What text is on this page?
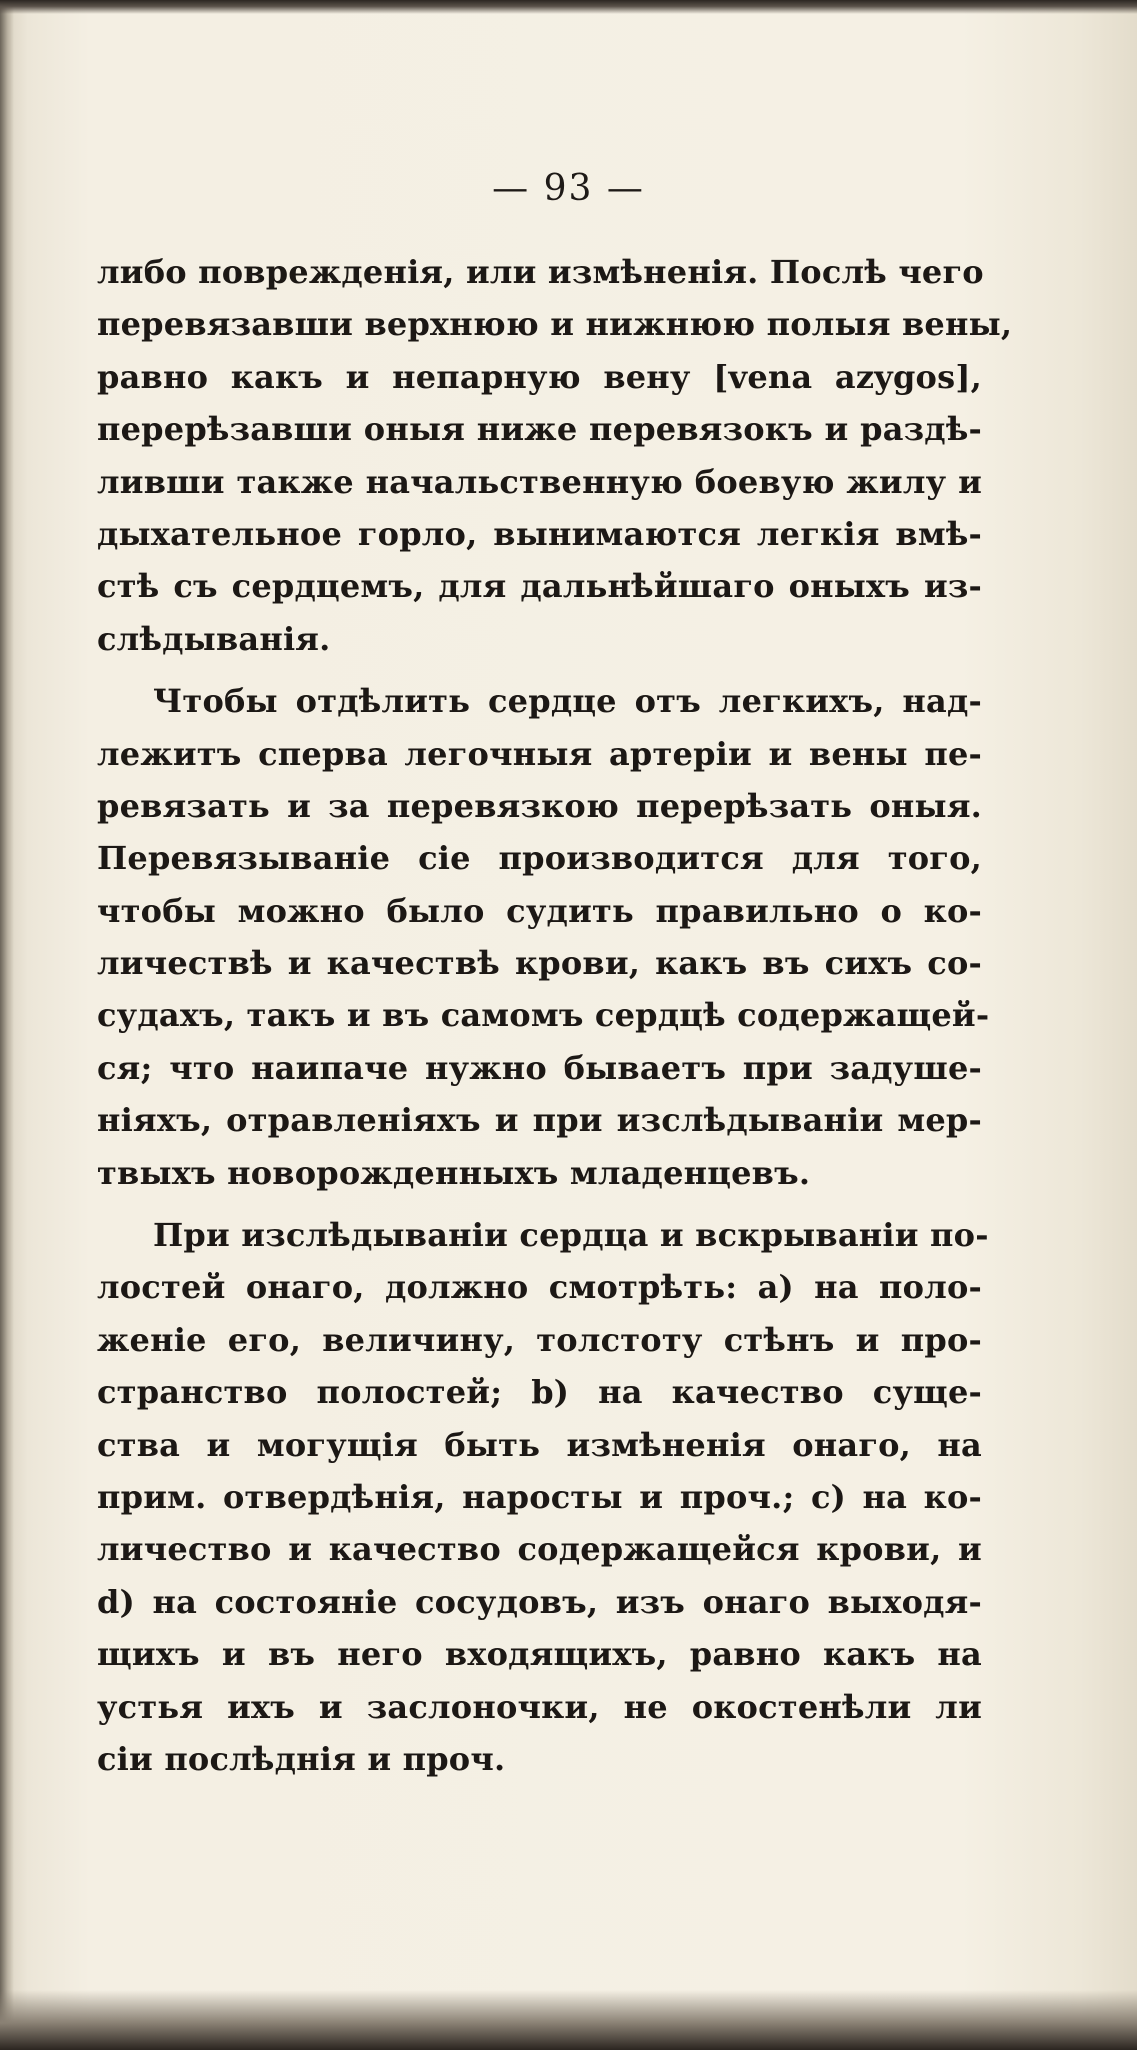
— 93 —
либо поврежденія, или измѣненія. Послѣ чего
перевязавши верхнюю и нижнюю полыя вены,
равно какъ и непарную вену [vena azygos],
перерѣзавши оныя ниже перевязокъ и раздѣ-
ливши также начальственную боевую жилу и
дыхательное горло, вынимаются легкія вмѣ-
стѣ съ сердцемъ, для дальнѣйшаго оныхъ из-
слѣдыванія.
Чтобы отдѣлить сердце отъ легкихъ, над-
лежитъ сперва легочныя артеріи и вены пе-
ревязать и за перевязкою перерѣзать оныя.
Перевязываніе сіе производится для того,
чтобы можно было судить правильно о ко-
личествѣ и качествѣ крови, какъ въ сихъ со-
судахъ, такъ и въ самомъ сердцѣ содержащей-
ся; что наипаче нужно бываетъ при задуше-
ніяхъ, отравленіяхъ и при изслѣдываніи мер-
твыхъ новорожденныхъ младенцевъ.
При изслѣдываніи сердца и вскрываніи по-
лостей онаго, должно смотрѣть: a) на поло-
женіе его, величину, толстоту стѣнъ и про-
странство полостей; b) на качество суще-
ства и могущія быть измѣненія онаго, на
прим. отвердѣнія, наросты и проч.; c) на ко-
личество и качество содержащейся крови, и
d) на состояніе сосудовъ, изъ онаго выходя-
щихъ и въ него входящихъ, равно какъ на
устья ихъ и заслоночки, не окостенѣли ли
сіи послѣднія и проч.
